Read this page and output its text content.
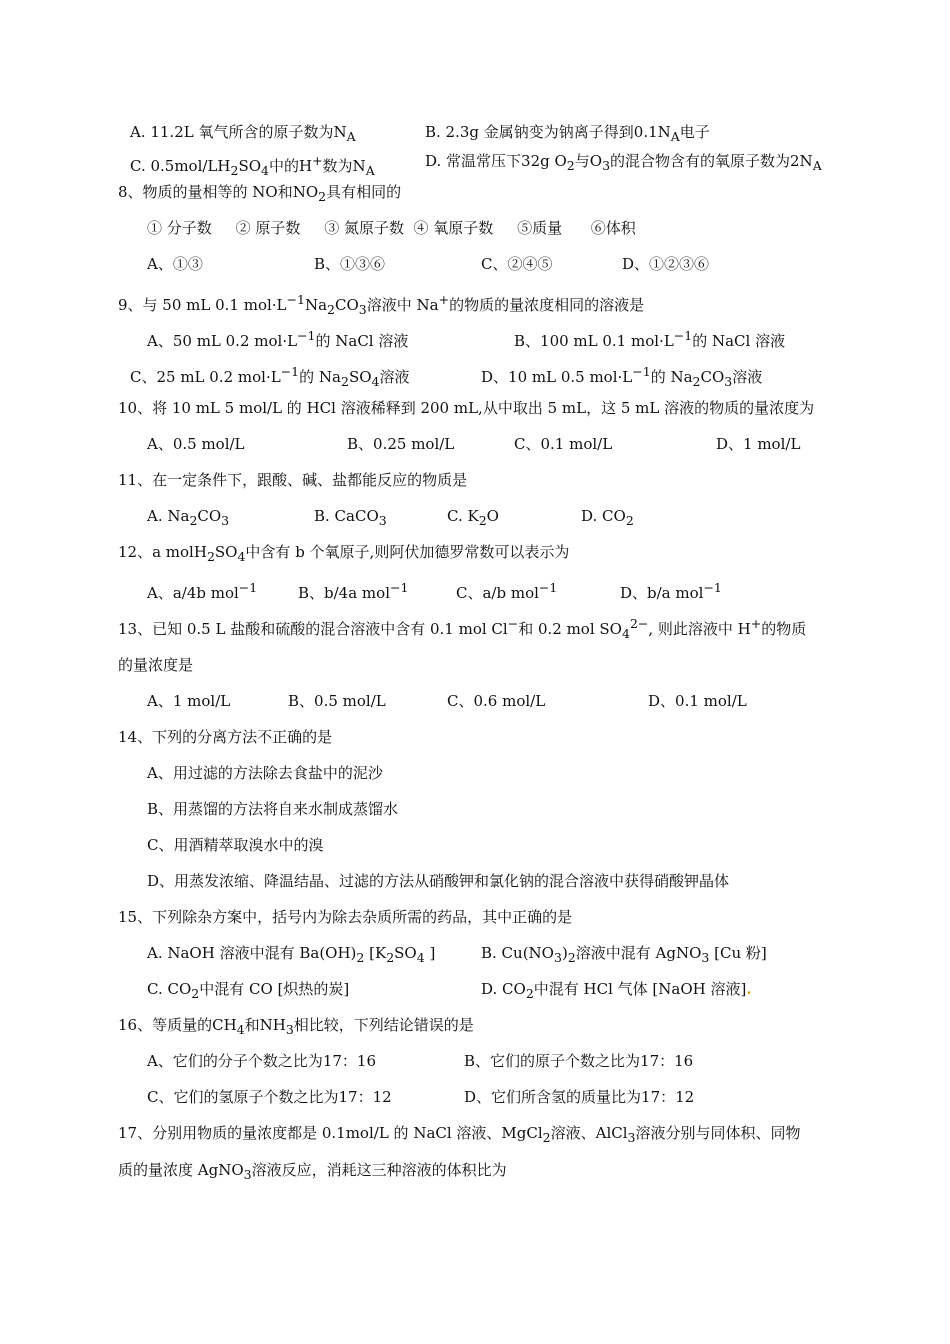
A. 11.2L 氧气所含的原子数为$N_A$	B. 2.3g 金属钠变为钠离子得到$0.1N_A$电子
C. $0.5mol/LH_2SO_4$中的H+数为$N_A$
D. 常温常压下32g $O_2$与$O_3$的混合物含有的氧原子数为$2N_A$
8、物质的量相等的 NO和$NO_2$具有相同的
① 分子数     ② 原子数     ③ 氮原子数  ④ 氧原子数     ⑤质量      ⑥体积
A、①③	B、①③⑥	C、②④⑤	D、①②③⑥
9、与 50 mL 0.1 $mol\cdot L^{-1}Na_2CO_3$溶液中 Na+的物质的量浓度相同的溶液是
A、50 mL 0.2 $mol\cdot L^{-1}$的 NaCl 溶液	B、100 mL 0.1 $mol\cdot L^{-1}$的 NaCl 溶液
C、25 mL 0.2 $mol\cdot L^{-1}$的 $Na_2SO_4$溶液	D、10 mL 0.5 $mol\cdot L^{-1}$的 $Na_2CO_3$溶液
10、将 10 mL 5 mol/L 的 HCl 溶液稀释到 200 mL,从中取出 5 mL，这 5 mL 溶液的物质的量浓度为
A、0.5 mol/L	B、0.25 mol/L	C、0.1 mol/L	D、1 mol/L
11、在一定条件下，跟酸、碱、盐都能反应的物质是
A. $Na_2CO_3$	B. CaCO$_3$	C. $K_2O$	D. $CO_2$
12、a $molH_2SO_4$中含有 b 个氧原子,则阿伏加德罗常数可以表示为
A、a/4b mol$^{-1}$	B、b/4a mol$^{-1}$	C、a/b mol$^{-1}$	D、b/a mol$^{-1}$
13、已知 0.5 L 盐酸和硫酸的混合溶液中含有 0.1 mol Cl−和 0.2 mol $SO_4^{2-}$, 则此溶液中 H+的物质
的量浓度是
A、1 mol/L	B、0.5 mol/L	C、0.6 mol/L	D、0.1 mol/L
14、下列的分离方法不正确的是
A、用过滤的方法除去食盐中的泥沙
B、用蒸馏的方法将自来水制成蒸馏水
C、用酒精萃取溴水中的溴
D、用蒸发浓缩、降温结晶、过滤的方法从硝酸钾和氯化钠的混合溶液中获得硝酸钾晶体
15、下列除杂方案中，括号内为除去杂质所需的药品，其中正确的是
A. NaOH 溶液中混有 $Ba(OH)_2$ [$K_2SO_4$ ]	B. $Cu(NO_3)_2$溶液中混有 AgNO$_3$ [Cu 粉]
C. $CO_2$中混有 CO [炽热的炭]	D. $CO_2$中混有 HCl 气体 [NaOH 溶液].
16、等质量的$CH_4$和$NH_3$相比较，下列结论错误的是
A、它们的分子个数之比为17：16	B、它们的原子个数之比为17：16
C、它们的氢原子个数之比为17：12	D、它们所含氢的质量比为17：12
17、分别用物质的量浓度都是 0.1mol/L 的 NaCl 溶液、MgCl$_2$溶液、AlCl$_3$溶液分别与同体积、同物
质的量浓度 AgNO$_3$溶液反应，消耗这三种溶液的体积比为
